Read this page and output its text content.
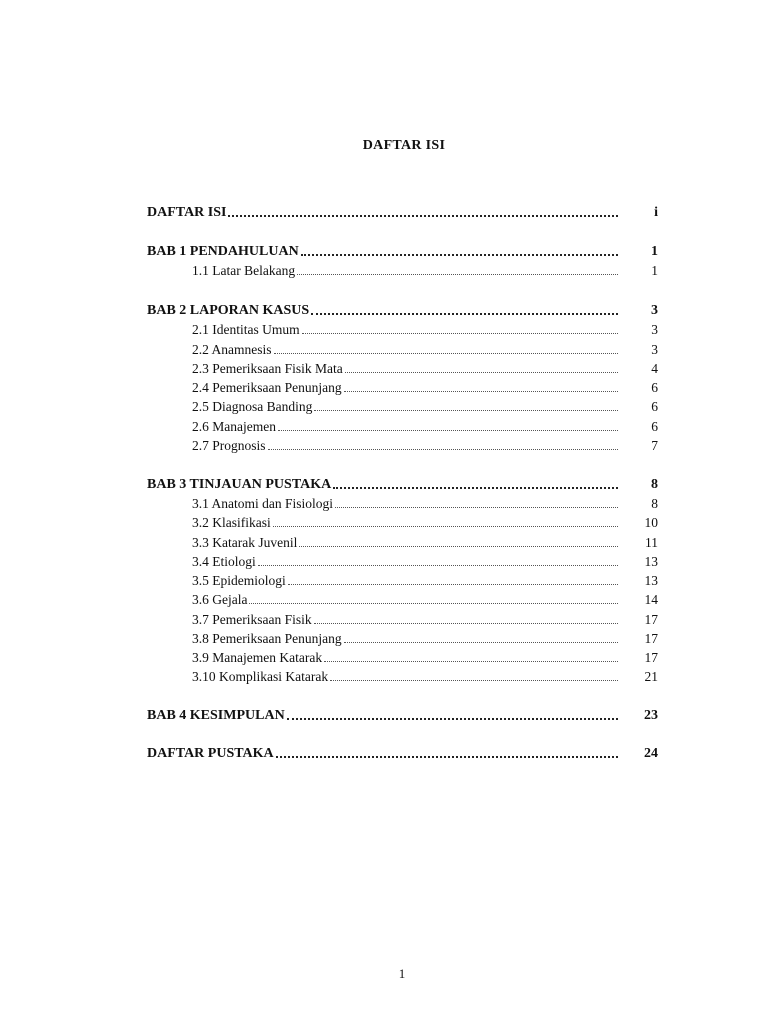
DAFTAR ISI
DAFTAR ISI	i
BAB 1 PENDAHULUAN	1
1.1 Latar Belakang	1
BAB 2 LAPORAN KASUS	3
2.1 Identitas Umum	3
2.2 Anamnesis	3
2.3 Pemeriksaan Fisik Mata	4
2.4 Pemeriksaan Penunjang	6
2.5 Diagnosa Banding	6
2.6 Manajemen	6
2.7 Prognosis	7
BAB 3 TINJAUAN PUSTAKA	8
3.1 Anatomi dan Fisiologi	8
3.2 Klasifikasi	10
3.3 Katarak Juvenil	11
3.4 Etiologi	13
3.5 Epidemiologi	13
3.6 Gejala	14
3.7 Pemeriksaan Fisik	17
3.8 Pemeriksaan Penunjang	17
3.9 Manajemen Katarak	17
3.10 Komplikasi Katarak	21
BAB 4 KESIMPULAN	23
DAFTAR PUSTAKA	24
1
